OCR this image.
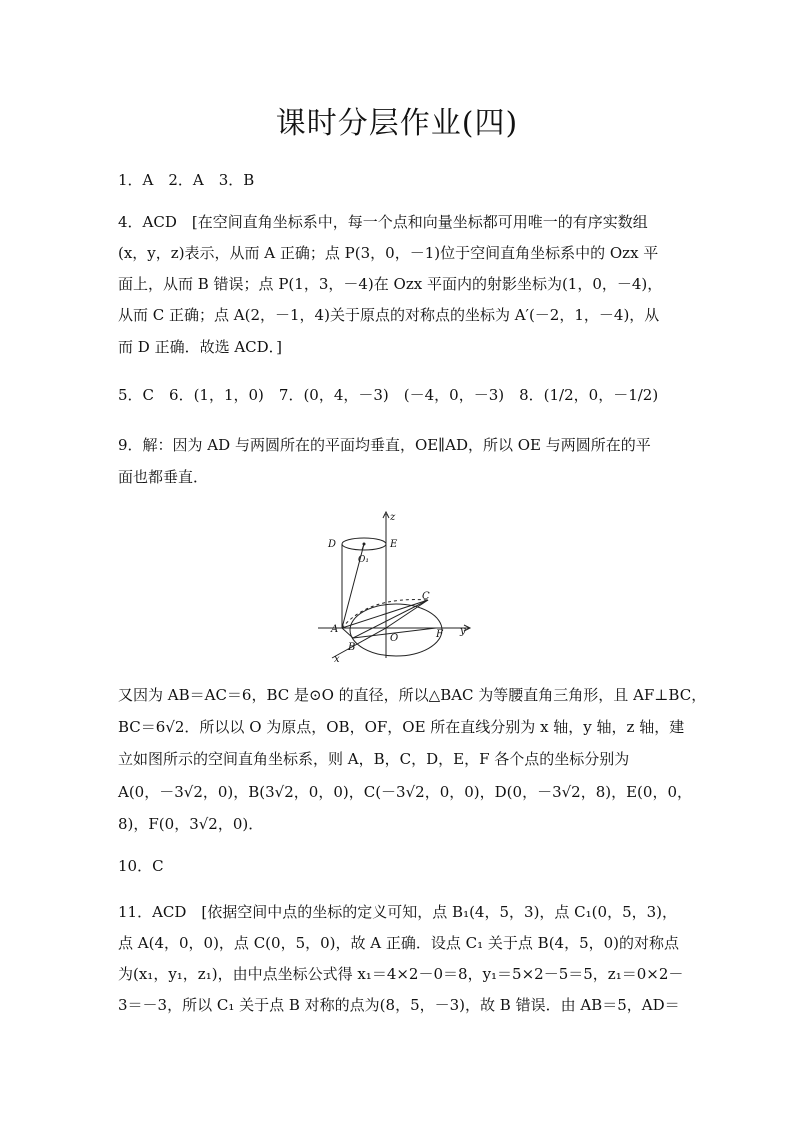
课时分层作业(四)
1．A　2．A　3．B
4．ACD　[在空间直角坐标系中，每一个点和向量坐标都可用唯一的有序实数组
(x，y，z)表示，从而 A 正确；点 P(3，0，－1)位于空间直角坐标系中的 Ozx 平
面上，从而 B 错误；点 P(1，3，－4)在 Ozx 平面内的射影坐标为(1，0，－4)，
从而 C 正确；点 A(2，－1，4)关于原点的对称点的坐标为 A′(－2，1，－4)，从
而 D 正确．故选 ACD．]
5．C　6．(1，1，0)　7．(0，4，－3)　(－4，0，－3)　8．(1/2，0，－1/2)
9．解：因为 AD 与两圆所在的平面均垂直，OE∥AD，所以 OE 与两圆所在的平
面也都垂直．
z
D	E
O₁
C
A
O	F y
B
x
又因为 AB＝AC＝6，BC 是⊙O 的直径，所以△BAC 为等腰直角三角形，且 AF⊥BC，
BC＝6√2．所以以 O 为原点，OB，OF，OE 所在直线分别为 x 轴，y 轴，z 轴，建
立如图所示的空间直角坐标系，则 A，B，C，D，E，F 各个点的坐标分别为
A(0，－3√2，0)，B(3√2，0，0)，C(－3√2，0，0)，D(0，－3√2，8)，E(0，0，
8)，F(0，3√2，0)．
10．C
11．ACD　[依据空间中点的坐标的定义可知，点 B₁(4，5，3)，点 C₁(0，5，3)，
点 A(4，0，0)，点 C(0，5，0)，故 A 正确．设点 C₁ 关于点 B(4，5，0)的对称点
为(x₁，y₁，z₁)，由中点坐标公式得 x₁＝4×2－0＝8，y₁＝5×2－5＝5，z₁＝0×2－
3＝－3，所以 C₁ 关于点 B 对称的点为(8，5，－3)，故 B 错误．由 AB＝5，AD＝
